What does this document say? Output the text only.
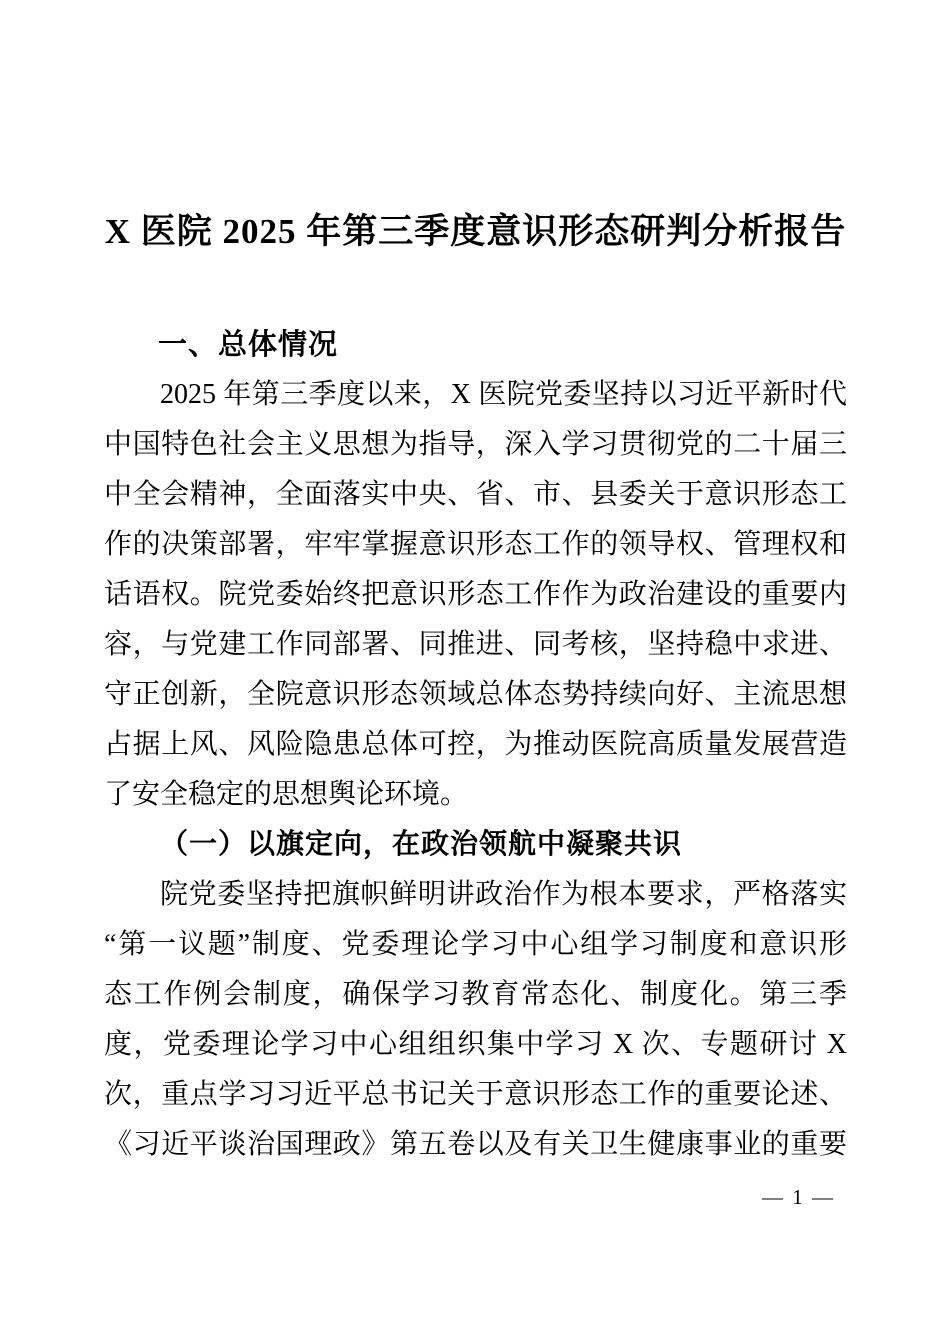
X 医院 2025 年第三季度意识形态研判分析报告
一、总体情况
2025 年第三季度以来，X 医院党委坚持以习近平新时代
中国特色社会主义思想为指导，深入学习贯彻党的二十届三
中全会精神，全面落实中央、省、市、县委关于意识形态工
作的决策部署，牢牢掌握意识形态工作的领导权、管理权和
话语权。院党委始终把意识形态工作作为政治建设的重要内
容，与党建工作同部署、同推进、同考核，坚持稳中求进、
守正创新，全院意识形态领域总体态势持续向好、主流思想
占据上风、风险隐患总体可控，为推动医院高质量发展营造
了安全稳定的思想舆论环境。
（一）以旗定向，在政治领航中凝聚共识
院党委坚持把旗帜鲜明讲政治作为根本要求，严格落实
“第一议题”制度、党委理论学习中心组学习制度和意识形
态工作例会制度，确保学习教育常态化、制度化。第三季
度，党委理论学习中心组组织集中学习 X 次、专题研讨 X
次，重点学习习近平总书记关于意识形态工作的重要论述、
《习近平谈治国理政》第五卷以及有关卫生健康事业的重要
— 1 —
